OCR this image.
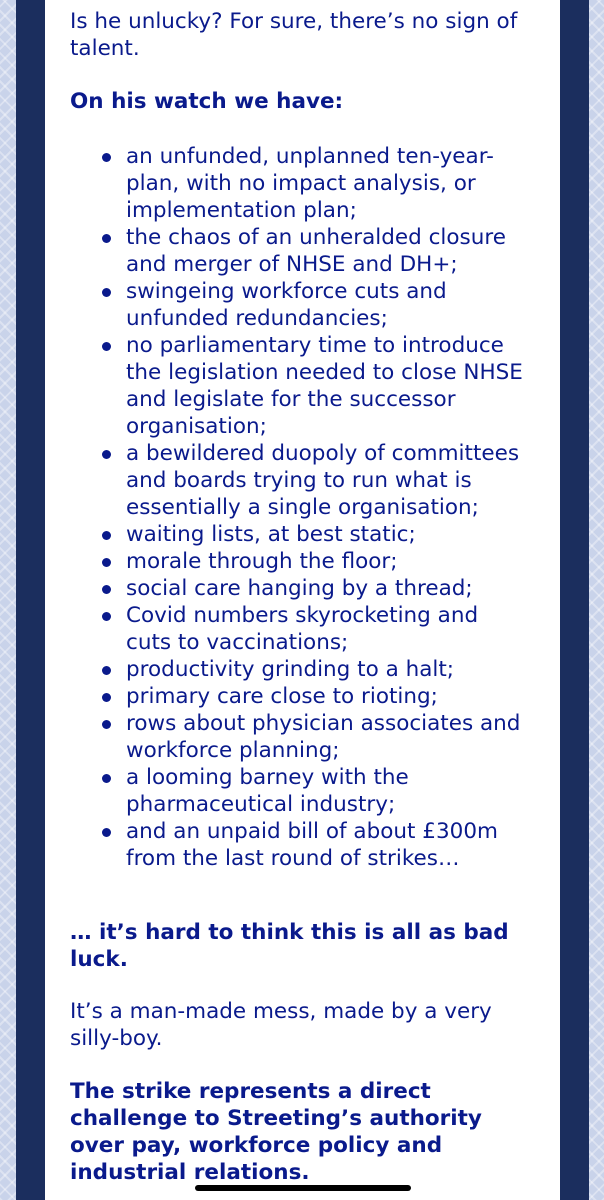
Is he unlucky? For sure, there’s no sign of talent.

On his watch we have:

an unfunded, unplanned ten-year-plan, with no impact analysis, or implementation plan;
the chaos of an unheralded closure and merger of NHSE and DH+;
swingeing workforce cuts and unfunded redundancies;
no parliamentary time to introduce the legislation needed to close NHSE and legislate for the successor organisation;
a bewildered duopoly of committees and boards trying to run what is essentially a single organisation;
waiting lists, at best static;
morale through the floor;
social care hanging by a thread;
Covid numbers skyrocketing and cuts to vaccinations;
productivity grinding to a halt;
primary care close to rioting;
rows about physician associates and workforce planning;
a looming barney with the pharmaceutical industry;
and an unpaid bill of about £300m from the last round of strikes…

… it’s hard to think this is all as bad luck.

It’s a man-made mess, made by a very silly-boy.

The strike represents a direct challenge to Streeting’s authority over pay, workforce policy and industrial relations.
